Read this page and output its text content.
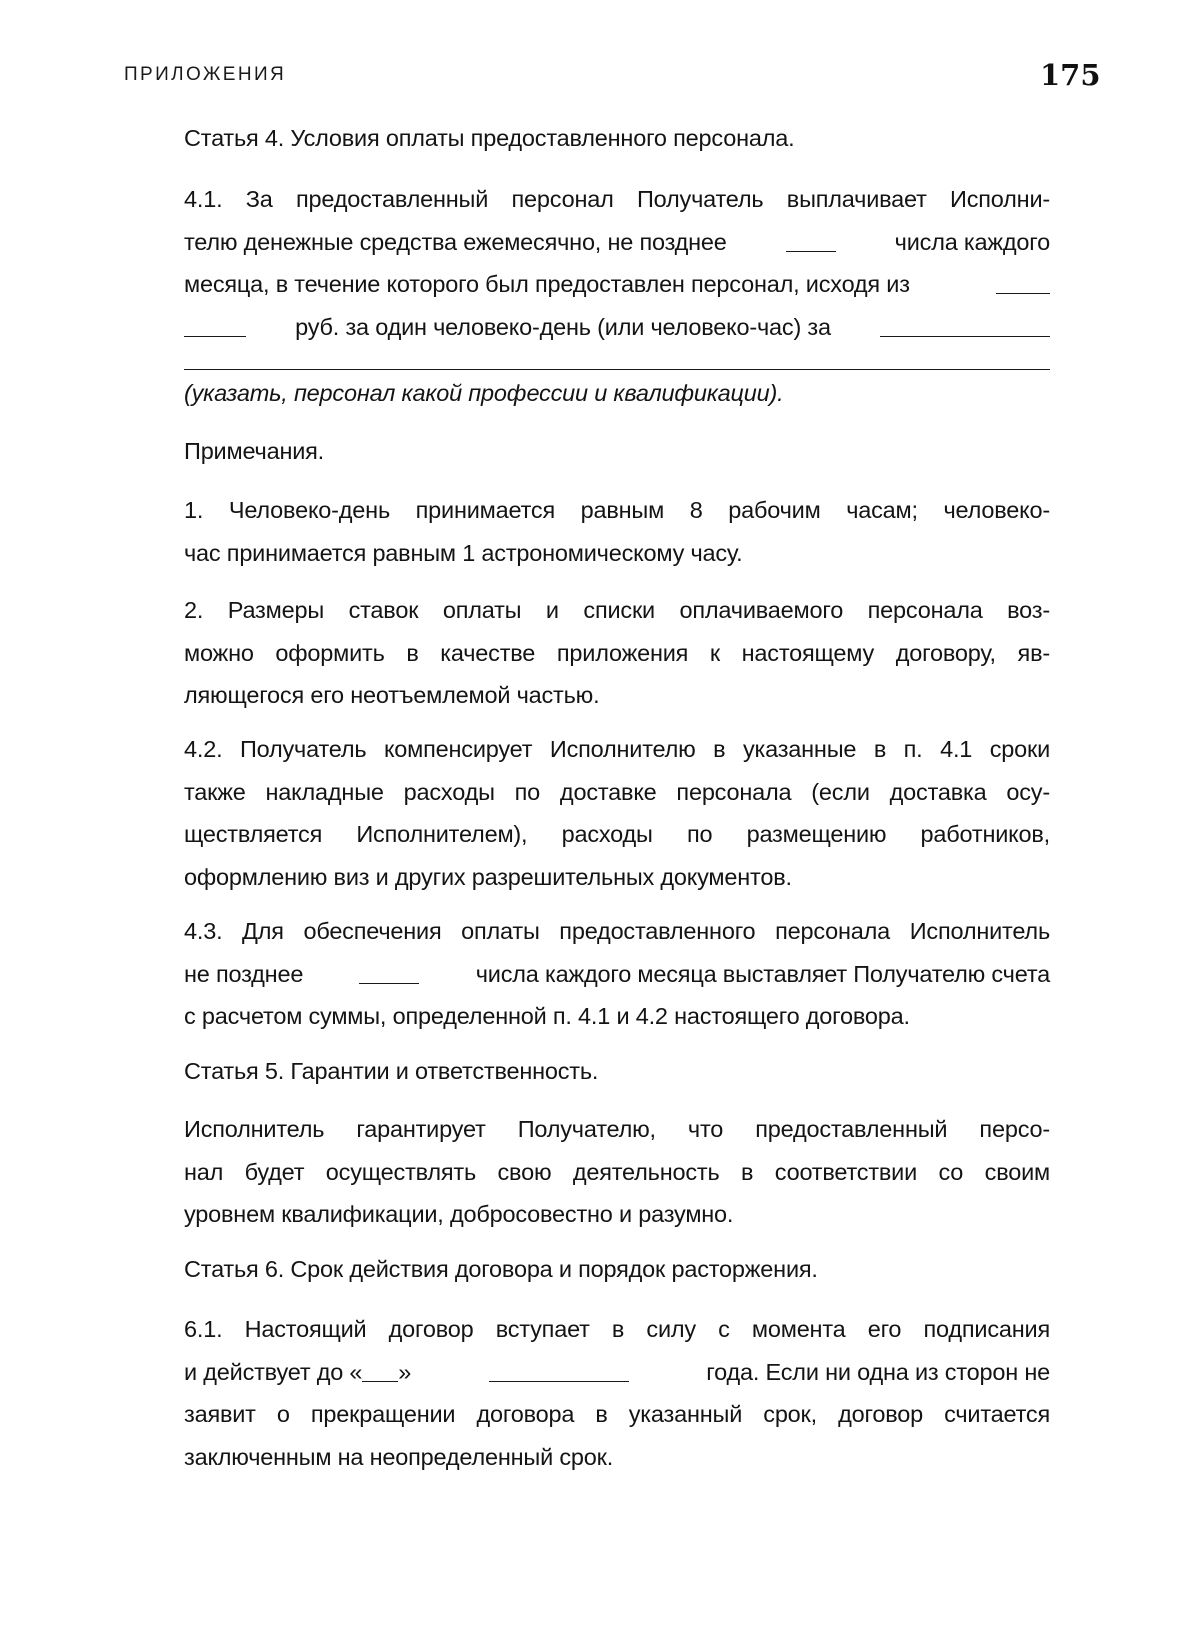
ПРИЛОЖЕНИЯ	175
Статья 4. Условия оплаты предоставленного персонала.
4.1. За предоставленный персонал Получатель выплачивает Исполни-
телю денежные средства ежемесячно, не позднее	числа каждого
месяца, в течение которого был предоставлен персонал, исходя из
руб. за один человеко-день (или человеко-час) за
(указать, персонал какой профессии и квалификации).
Примечания.
1. Человеко-день принимается равным 8 рабочим часам; человеко-
час принимается равным 1 астрономическому часу.
2. Размеры ставок оплаты и списки оплачиваемого персонала воз-
можно оформить в качестве приложения к настоящему договору, яв-
ляющегося его неотъемлемой частью.
4.2. Получатель компенсирует Исполнителю в указанные в п. 4.1 сроки
также накладные расходы по доставке персонала (если доставка осу-
ществляется Исполнителем), расходы по размещению работников,
оформлению виз и других разрешительных документов.
4.3. Для обеспечения оплаты предоставленного персонала Исполнитель
не позднее	числа каждого месяца выставляет Получателю счета
с расчетом суммы, определенной п. 4.1 и 4.2 настоящего договора.
Статья 5. Гарантии и ответственность.
Исполнитель гарантирует Получателю, что предоставленный персо-
нал будет осуществлять свою деятельность в соответствии со своим
уровнем квалификации, добросовестно и разумно.
Статья 6. Срок действия договора и порядок расторжения.
6.1. Настоящий договор вступает в силу с момента его подписания
и действует до « »	года. Если ни одна из сторон не
заявит о прекращении договора в указанный срок, договор считается
заключенным на неопределенный срок.
